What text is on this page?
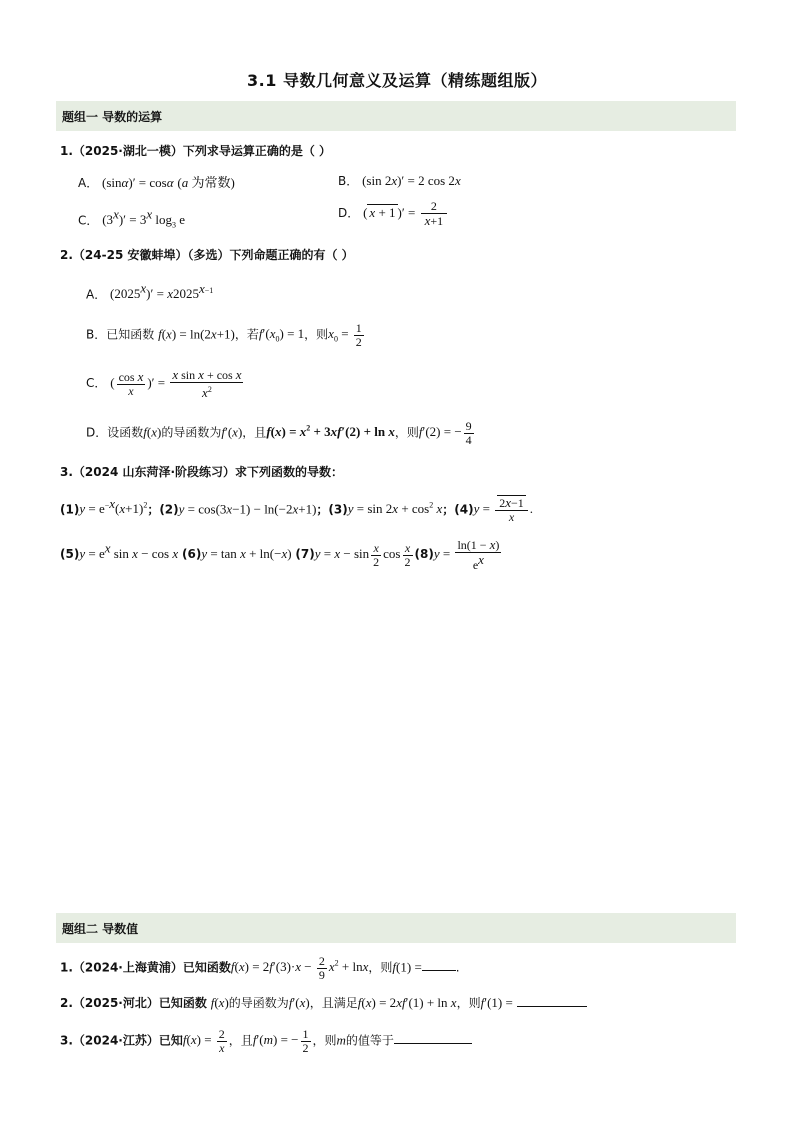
3.1 导数几何意义及运算（精练题组版）
题组一 导数的运算
1.（2025·湖北一模）下列求导运算正确的是（ ）
A． (sinα)′ = cosα (a 为常数)	B． (sin 2x)′ = 2 cos 2x
C． $(3^x)' = 3^x$ $\log_3 e$	D． ( x + 1 )′ = $\frac{2}{x+1}$
2.（24-25 安徽蚌埠）（多选）下列命题正确的有（ ）
A． $(2025^x)' = x2025^{x-1}$
B．已知函数 f(x) = ln(2x+1)，若$f'(x_0) = 1$，则$x_0 = \frac{1}{2}$
C． ( $\frac{\text{cos x}}{x}$ )′ = $\frac{\text{x sin x + cos x}}{x^2}$
D．设函数f(x)的导函数为f′(x)，且$f(x) = x^2 + 3xf'(2) + \ln x$，则f′(2) = − $\frac{9}{4}$
3.（2024 山东菏泽·阶段练习）求下列函数的导数：
$(1)y = e^{-x}(x+1)^2$；(2)y = cos(3x−1) − ln(−2x+1)；$(3)y = \sin 2x + \cos^2 x$；$(4)y = \frac{2x-1}{x}$ .
$(5)y = e^x$ sin x − cos x (6)y = tan x + ln(−x) $(7)y = x - \sin \frac{x}{2}$ $\cos \frac{x}{2} (8)y = \frac{\ln(1 - x)}{e^x}$
题组二 导数值
1.（2024·上海黄浦）已知函数$f(x) = 2f'(3)\cdot x - \frac{2}{9} x^2 + \ln x$，则f(1) =	.
2.（2025·河北）已知函数 f(x)的导函数为f′(x)，且满足f(x) = 2xf′(1) + ln x，则f′(1) =
3.（2024·江苏）已知$f(x) = \frac{2}{x}$ ，且f′(m) = − $\frac{1}{2}$ ，则m的值等于
